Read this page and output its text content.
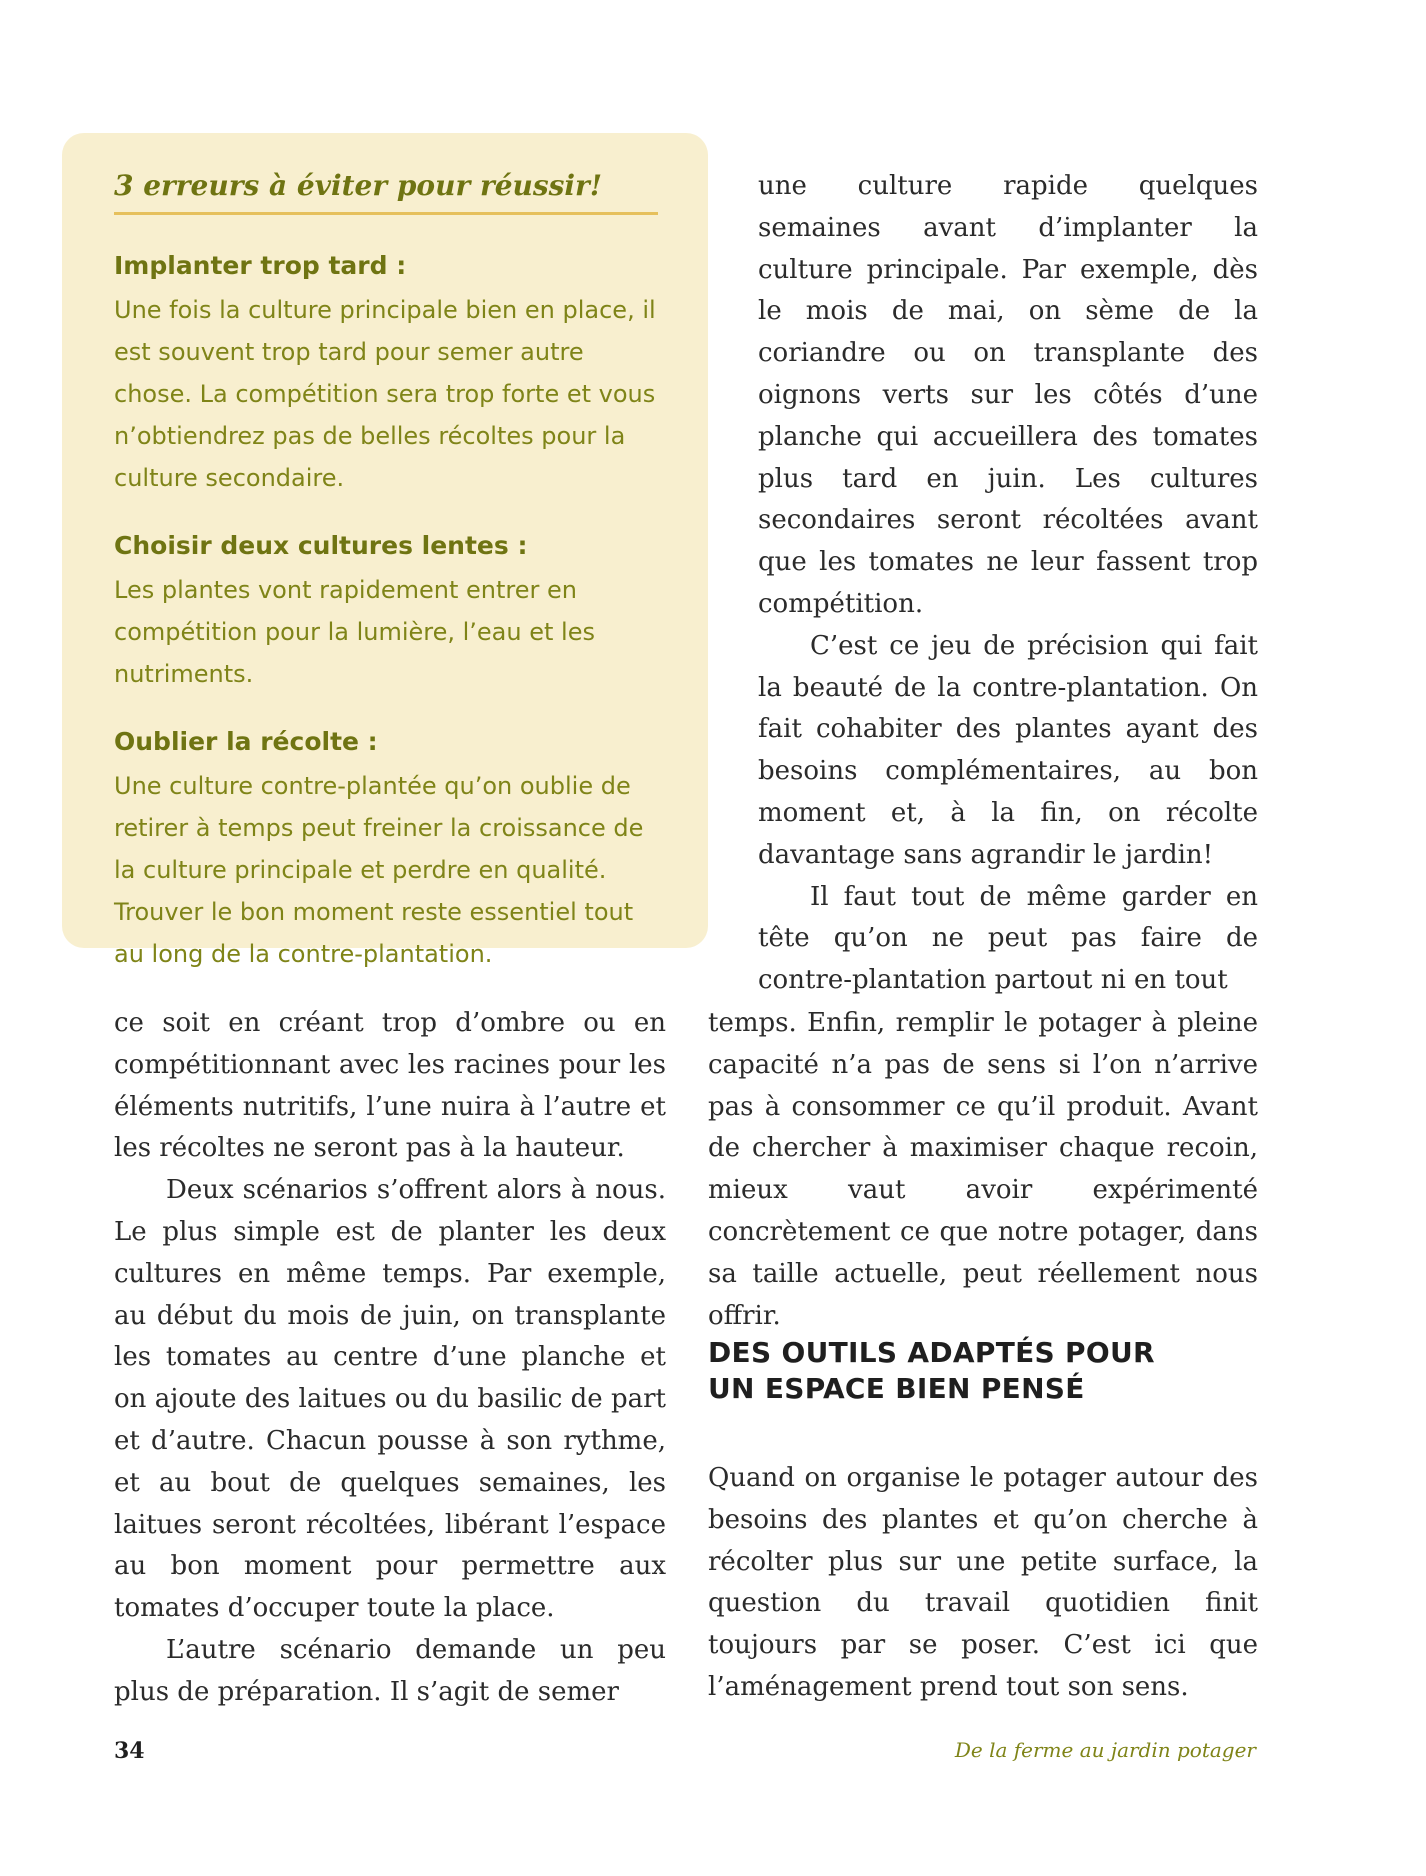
3 erreurs à éviter pour réussir!

Implanter trop tard :

Une fois la culture principale bien en place, il est souvent trop tard pour semer autre chose. La compétition sera trop forte et vous n’obtiendrez pas de belles récoltes pour la culture secondaire.

Choisir deux cultures lentes :

Les plantes vont rapidement entrer en compétition pour la lumière, l’eau et les nutriments.

Oublier la récolte :

Une culture contre-plantée qu’on oublie de retirer à temps peut freiner la croissance de la culture principale et perdre en qualité. Trouver le bon moment reste essentiel tout au long de la contre-plantation.

une culture rapide quelques semaines avant d’implanter la culture principale. Par exemple, dès le mois de mai, on sème de la coriandre ou on transplante des oignons verts sur les côtés d’une planche qui accueillera des tomates plus tard en juin. Les cultures secondaires seront récoltées avant que les tomates ne leur fassent trop compétition.

C’est ce jeu de précision qui fait la beauté de la contre-plantation. On fait cohabiter des plantes ayant des besoins complémentaires, au bon moment et, à la fin, on récolte davantage sans agrandir le jardin!

Il faut tout de même garder en tête qu’on ne peut pas faire de contre-plantation partout ni en tout

ce soit en créant trop d’ombre ou en compétitionnant avec les racines pour les éléments nutritifs, l’une nuira à l’autre et les récoltes ne seront pas à la hauteur.

Deux scénarios s’offrent alors à nous. Le plus simple est de planter les deux cultures en même temps. Par exemple, au début du mois de juin, on transplante les tomates au centre d’une planche et on ajoute des laitues ou du basilic de part et d’autre. Chacun pousse à son rythme, et au bout de quelques semaines, les laitues seront récoltées, libérant l’espace au bon moment pour permettre aux tomates d’occuper toute la place.

L’autre scénario demande un peu plus de préparation. Il s’agit de semer

temps. Enfin, remplir le potager à pleine capacité n’a pas de sens si l’on n’arrive pas à consommer ce qu’il produit. Avant de chercher à maximiser chaque recoin, mieux vaut avoir expérimenté concrètement ce que notre potager, dans sa taille actuelle, peut réellement nous offrir.

DES OUTILS ADAPTÉS POUR
UN ESPACE BIEN PENSÉ

Quand on organise le potager autour des besoins des plantes et qu’on cherche à récolter plus sur une petite surface, la question du travail quotidien finit toujours par se poser. C’est ici que l’aménagement prend tout son sens.

34	De la ferme au jardin potager
